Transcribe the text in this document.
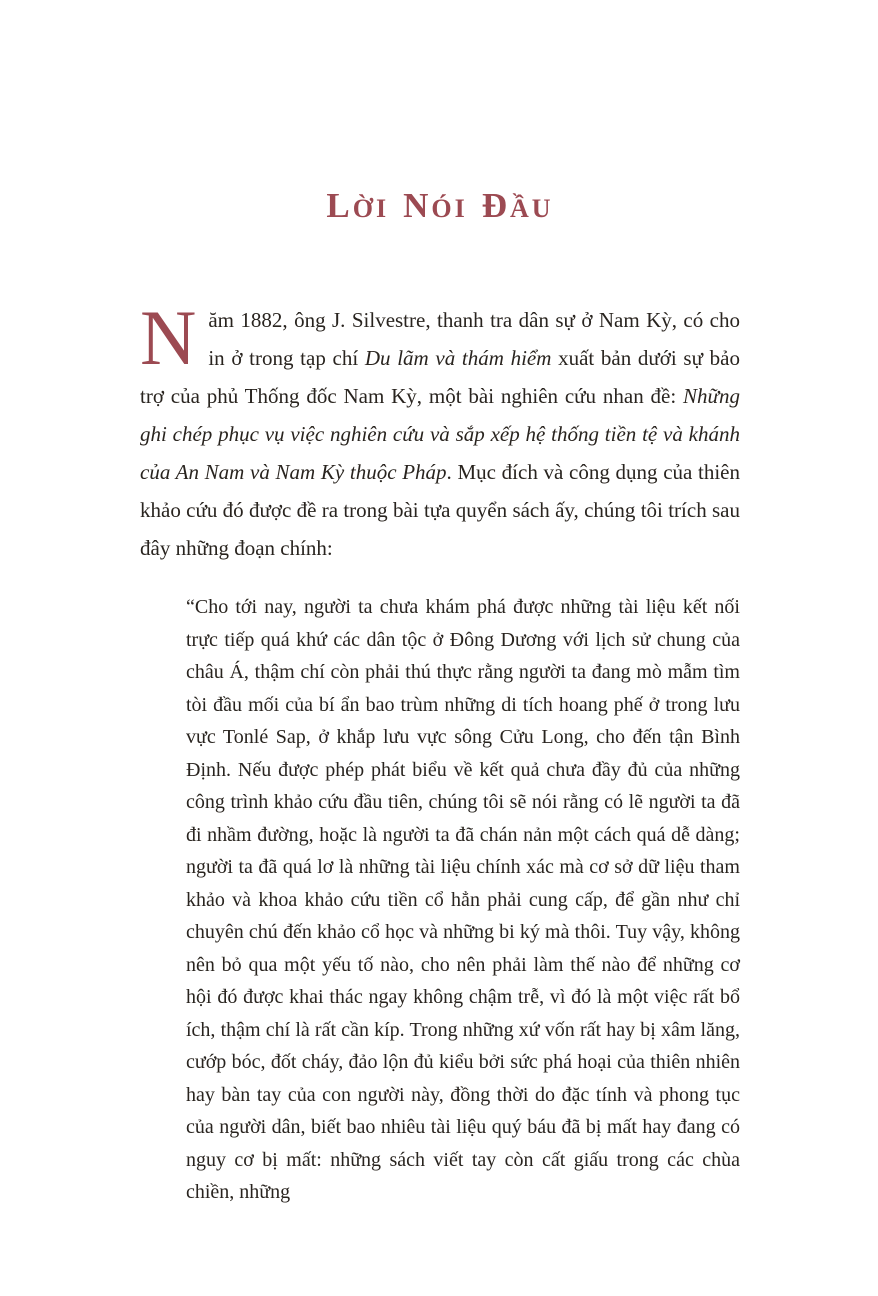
LỜI NÓI ĐẦU

N ăm 1882, ông J. Silvestre, thanh tra dân sự ở Nam Kỳ, có cho in ở trong tạp chí Du lãm và thám hiểm xuất bản dưới sự bảo trợ của phủ Thống đốc Nam Kỳ, một bài nghiên cứu nhan đề: Những ghi chép phục vụ việc nghiên cứu và sắp xếp hệ thống tiền tệ và khánh của An Nam và Nam Kỳ thuộc Pháp. Mục đích và công dụng của thiên khảo cứu đó được đề ra trong bài tựa quyển sách ấy, chúng tôi trích sau đây những đoạn chính:

“Cho tới nay, người ta chưa khám phá được những tài liệu kết nối trực tiếp quá khứ các dân tộc ở Đông Dương với lịch sử chung của châu Á, thậm chí còn phải thú thực rằng người ta đang mò mẫm tìm tòi đầu mối của bí ẩn bao trùm những di tích hoang phế ở trong lưu vực Tonlé Sap, ở khắp lưu vực sông Cửu Long, cho đến tận Bình Định. Nếu được phép phát biểu về kết quả chưa đầy đủ của những công trình khảo cứu đầu tiên, chúng tôi sẽ nói rằng có lẽ người ta đã đi nhầm đường, hoặc là người ta đã chán nản một cách quá dễ dàng; người ta đã quá lơ là những tài liệu chính xác mà cơ sở dữ liệu tham khảo và khoa khảo cứu tiền cổ hẳn phải cung cấp, để gần như chỉ chuyên chú đến khảo cổ học và những bi ký mà thôi. Tuy vậy, không nên bỏ qua một yếu tố nào, cho nên phải làm thế nào để những cơ hội đó được khai thác ngay không chậm trễ, vì đó là một việc rất bổ ích, thậm chí là rất cần kíp. Trong những xứ vốn rất hay bị xâm lăng, cướp bóc, đốt cháy, đảo lộn đủ kiểu bởi sức phá hoại của thiên nhiên hay bàn tay của con người này, đồng thời do đặc tính và phong tục của người dân, biết bao nhiêu tài liệu quý báu đã bị mất hay đang có nguy cơ bị mất: những sách viết tay còn cất giấu trong các chùa chiền, những
